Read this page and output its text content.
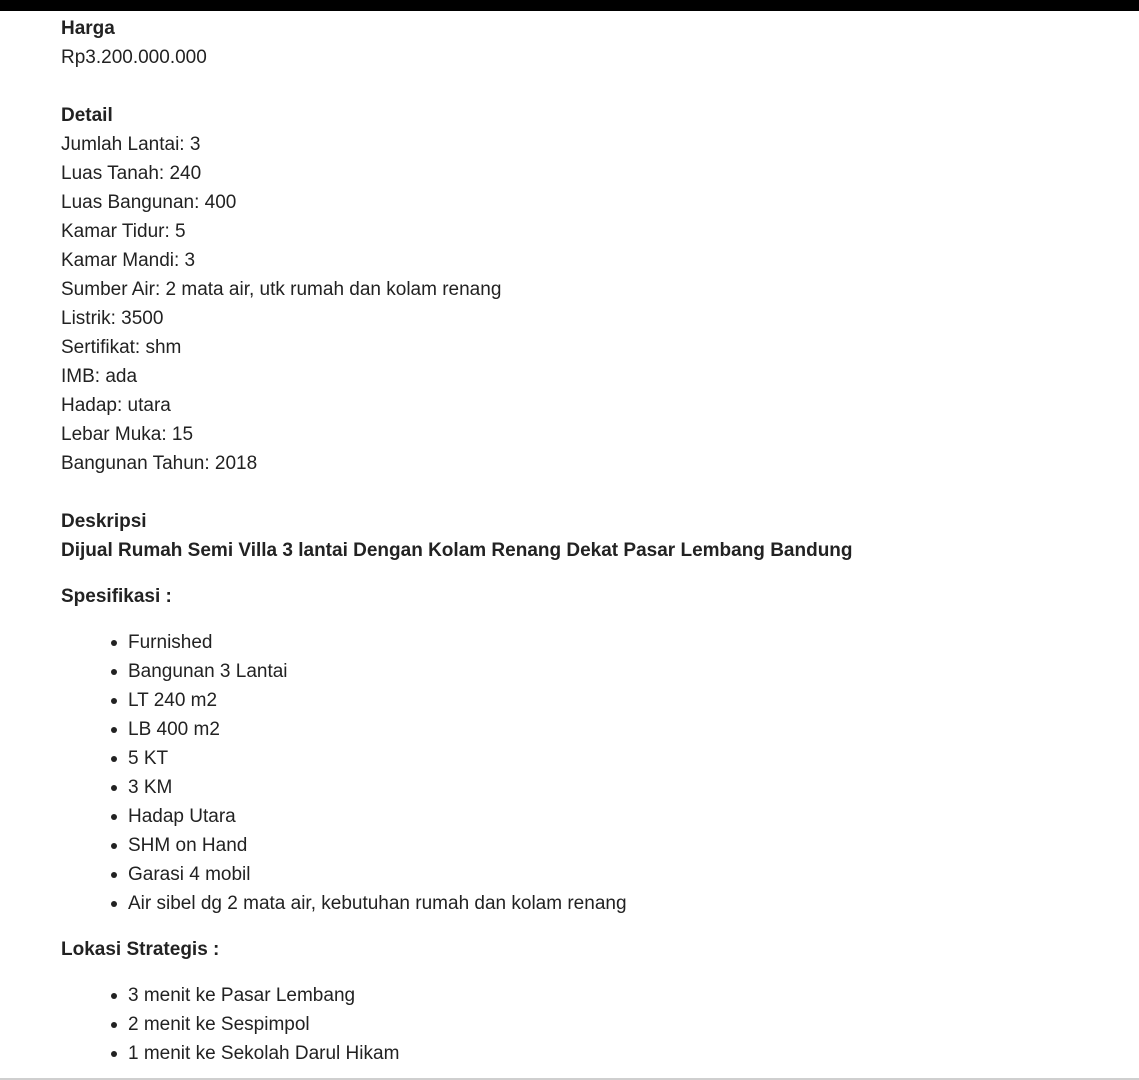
Harga
Rp3.200.000.000
Detail
Jumlah Lantai: 3
Luas Tanah: 240
Luas Bangunan: 400
Kamar Tidur: 5
Kamar Mandi: 3
Sumber Air: 2 mata air, utk rumah dan kolam renang
Listrik: 3500
Sertifikat: shm
IMB: ada
Hadap: utara
Lebar Muka: 15
Bangunan Tahun: 2018
Deskripsi
Dijual Rumah Semi Villa 3 lantai Dengan Kolam Renang Dekat Pasar Lembang Bandung
Spesifikasi :
Furnished
Bangunan 3 Lantai
LT 240 m2
LB 400 m2
5 KT
3 KM
Hadap Utara
SHM on Hand
Garasi 4 mobil
Air sibel dg 2 mata air, kebutuhan rumah dan kolam renang
Lokasi Strategis :
3 menit ke Pasar Lembang
2 menit ke Sespimpol
1 menit ke Sekolah Darul Hikam
